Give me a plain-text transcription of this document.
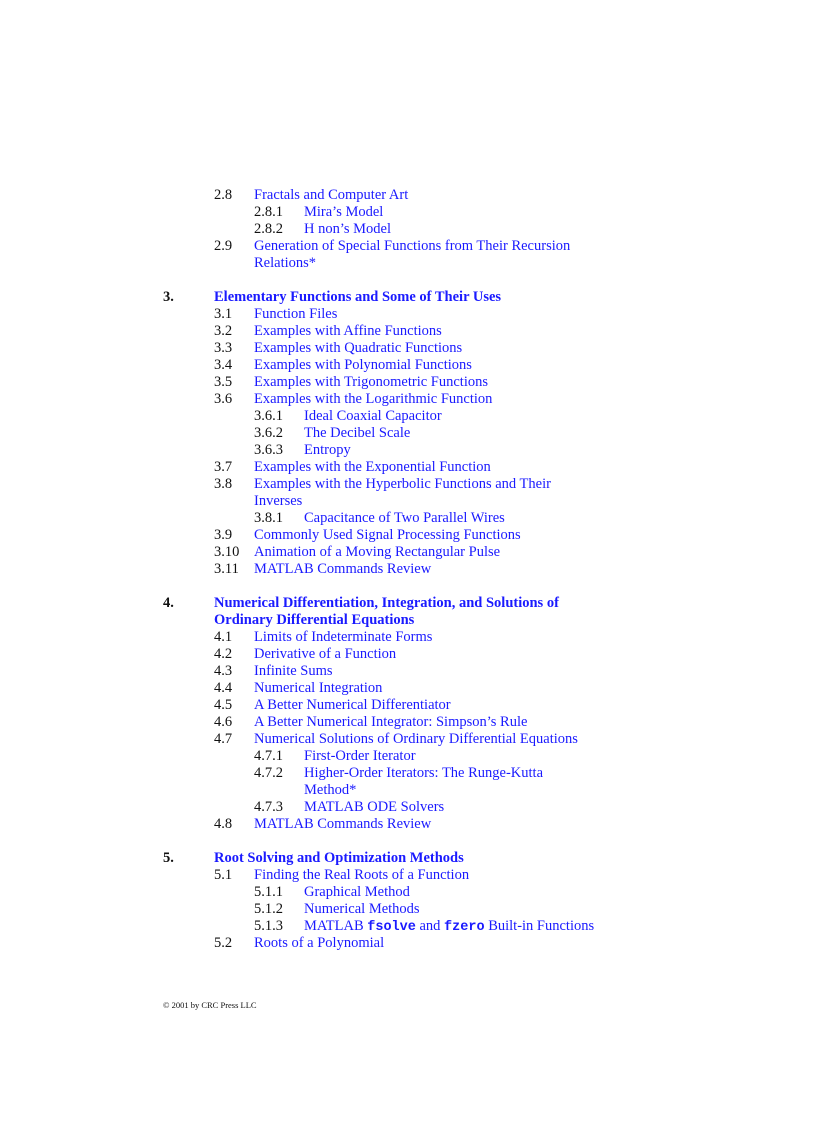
2.8 Fractals and Computer Art
2.8.1 Mira’s Model
2.8.2 H non’s Model
2.9 Generation of Special Functions from Their Recursion
Relations*
3.	Elementary Functions and Some of Their Uses
3.1 Function Files
3.2 Examples with Affine Functions
3.3 Examples with Quadratic Functions
3.4 Examples with Polynomial Functions
3.5 Examples with Trigonometric Functions
3.6 Examples with the Logarithmic Function
3.6.1 Ideal Coaxial Capacitor
3.6.2 The Decibel Scale
3.6.3 Entropy
3.7 Examples with the Exponential Function
3.8 Examples with the Hyperbolic Functions and Their
Inverses
3.8.1 Capacitance of Two Parallel Wires
3.9 Commonly Used Signal Processing Functions
3.10 Animation of a Moving Rectangular Pulse
3.11 MATLAB Commands Review
4.	Numerical Differentiation, Integration, and Solutions of
Ordinary Differential Equations
4.1 Limits of Indeterminate Forms
4.2 Derivative of a Function
4.3 Infinite Sums
4.4 Numerical Integration
4.5 A Better Numerical Differentiator
4.6 A Better Numerical Integrator: Simpson’s Rule
4.7 Numerical Solutions of Ordinary Differential Equations
4.7.1 First-Order Iterator
4.7.2 Higher-Order Iterators: The Runge-Kutta
Method*
4.7.3 MATLAB ODE Solvers
4.8 MATLAB Commands Review
5.	Root Solving and Optimization Methods
5.1 Finding the Real Roots of a Function
5.1.1 Graphical Method
5.1.2 Numerical Methods
5.1.3 MATLAB fsolve and fzero Built-in Functions
5.2 Roots of a Polynomial
© 2001 by CRC Press LLC
